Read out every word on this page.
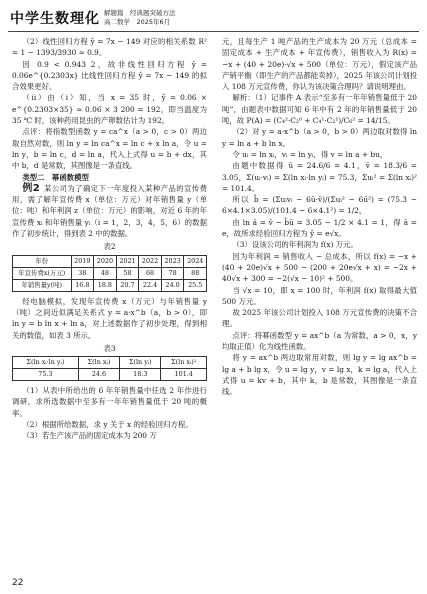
中学生数理化 解题篇　经典题突破方法
高二数学　2025年6月

（2）线性回归方程 ŷ = 7x − 149 对应的相关系数 R² = 1 − 1393/3930 ≈ 0.9。

因 0.9 < 0.943 2，故非线性回归方程 ŷ = 0.06e^{0.2303x} 比线性回归方程 ŷ = 7x − 149 的拟合效果更好。

（ii）由（i）知，当 x = 35 时，ŷ = 0.06 × e^{0.2303×35} ≈ 0.06 × 3 200 = 192，即当温度为 35 ℃ 时，该种药用昆虫的产卵数估计为 192。

点评：将指数型函数 y = ca^x（a > 0，c > 0）两边取自然对数，则 ln y = ln ca^x = ln c + x ln a，令 u = ln y，b = ln c，d = ln a，代入上式得 u = b + dx，其中 b，d 是常数，其图像是一条直线。

类型二　幂函数模型

例2 某公司为了确定下一年度投入某种产品的宣传费用，需了解年宣传费 x（单位：万元）对年销售量 y（单位：吨）和年利润 z（单位：万元）的影响，对近 6 年的年宣传费 xᵢ 和年销售量 yᵢ（i = 1，2，3，4，5，6）的数据作了初步统计，得到表 2 中的数据。

表2
年份	2019	2020	2021	2022	2023	2024
年宣传费x(万元)	38	48	58	68	78	88
年销售量y(吨)	16.8	18.8	20.7	22.4	24.0	25.5

经电脑模拟，发现年宣传费 x（万元）与年销售量 y（吨）之间近似满足关系式 y = a·x^b（a，b > 0），即 ln y = b ln x + ln a，对上述数据作了初步处理，得到相关的数值，如表 3 所示。

表3
Σ(ln xᵢ·ln yᵢ)	Σ(ln xᵢ)	Σ(ln yᵢ)	Σ(ln xᵢ)²
75.3	24.6	18.3	101.4

（1）从表中所给出的 6 年年销售量中任选 2 年作进行调研，求所选数据中至多有一年年销售量低于 20 吨的概率。

（2）根据所给数据，求 y 关于 x 的经验回归方程。

（3）若生产该产品的固定成本为 200 万

元，且每生产 1 吨产品的生产成本为 20 万元（总成本 = 固定成本 + 生产成本 + 年宣传费），销售收入为 R(x) = −x + (40 + 20e)·√x + 500（单位：万元），假定该产品产销平衡（即生产的产品都能卖掉），2025 年该公司计划投入 108 万元宣传费，你认为该决策合理吗？请说明理由。

解析：（1）记事件 A 表示“至多有一年年销售量低于 20 吨”，由题表中数据可知 6 年中有 2 年的年销售量低于 20 吨，故 P(A) = (C₄²·C₂⁰ + C₄¹·C₂¹)/C₆² = 14/15。

（2）对 y = a·x^b（a > 0，b > 0）两边取对数得 ln y = ln a + b ln x。

令 uᵢ = ln xᵢ，vᵢ = ln yᵢ，得 v = ln a + bu，

由题中数据得 ū = 24.6/6 = 4.1，v̄ = 18.3/6 = 3.05，Σ(uᵢ·vᵢ) = Σ(ln xᵢ·ln yᵢ) = 75.3，Σuᵢ² = Σ(ln xᵢ)² = 101.4。

所以 b̂ = (Σuᵢvᵢ − 6ū·v̄)/(Σuᵢ² − 6ū²) = (75.3 − 6×4.1×3.05)/(101.4 − 6×4.1²) = 1/2，

由 ln â = v̄ − b̂ū = 3.05 − 1/2 × 4.1 = 1，得 â = e，故所求经验回归方程为 ŷ = e√x。

（3）设该公司的年利润为 f(x) 万元。

因为年利润 = 销售收入 − 总成本，所以 f(x) = −x + (40 + 20e)√x + 500 − (200 + 20e√x + x) = −2x + 40√x + 300 = −2(√x − 10)² + 500。

当 √x = 10，即 x = 100 时，年利润 f(x) 取得最大值 500 万元。

故 2025 年该公司计划投入 108 万元宣传费的决策不合理。

点评：将幂函数型 y = ax^b（a 为常数，a > 0，x，y 均取正值）化为线性函数。

将 y = ax^b 两边取常用对数，则 lg y = lg ax^b = lg a + b lg x，令 u = lg y，v = lg x，k = lg a，代入上式得 u = kv + b，其中 k，b 是常数，其图像是一条直线。

22
